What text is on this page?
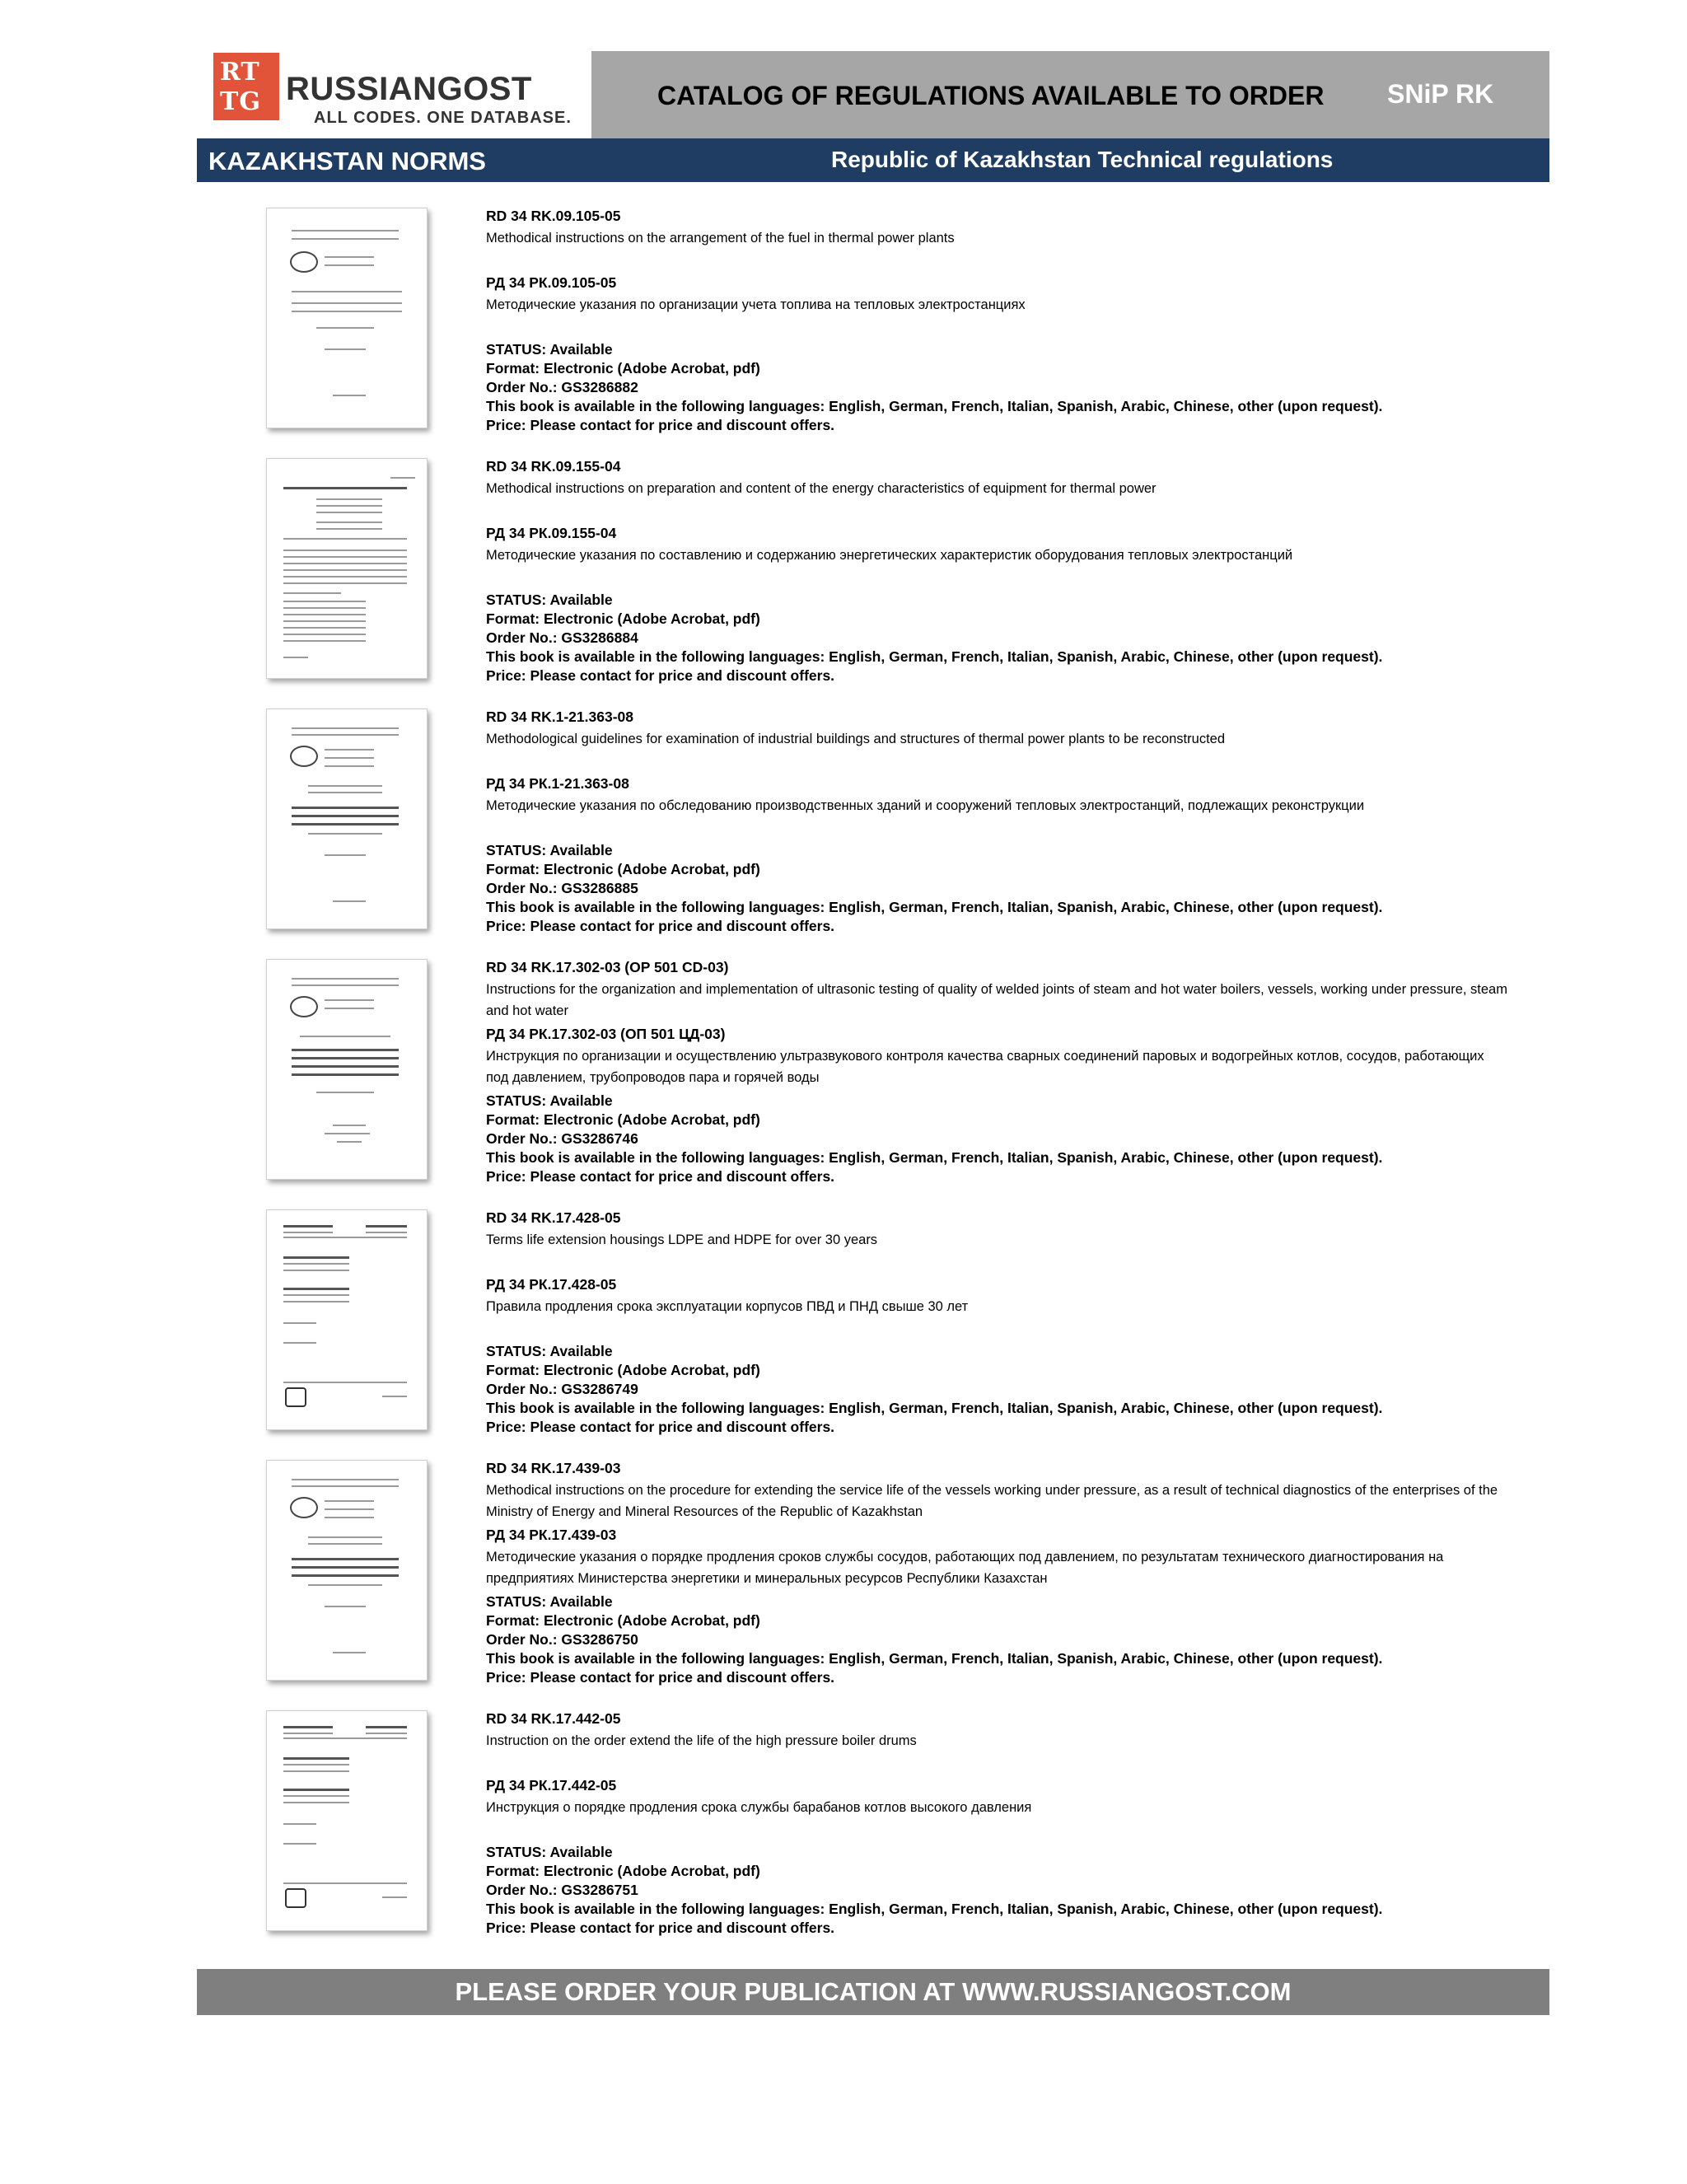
RT
TG RUSSIANGOST
ALL CODES. ONE DATABASE.
CATALOG OF REGULATIONS AVAILABLE TO ORDER SNiP RK
KAZAKHSTAN NORMS	Republic of Kazakhstan Technical regulations
RD 34 RK.09.105-05
Methodical instructions on the arrangement of the fuel in thermal power plants
РД 34 РК.09.105-05
Методические указания по организации учета топлива на тепловых электростанциях
STATUS: Available
Format: Electronic (Adobe Acrobat, pdf)
Order No.: GS3286882
This book is available in the following languages: English, German, French, Italian, Spanish, Arabic, Chinese, other (upon request).
Price: Please contact for price and discount offers.
RD 34 RK.09.155-04
Methodical instructions on preparation and content of the energy characteristics of equipment for thermal power
РД 34 РК.09.155-04
Методические указания по составлению и содержанию энергетических характеристик оборудования тепловых электростанций
STATUS: Available
Format: Electronic (Adobe Acrobat, pdf)
Order No.: GS3286884
This book is available in the following languages: English, German, French, Italian, Spanish, Arabic, Chinese, other (upon request).
Price: Please contact for price and discount offers.
RD 34 RK.1-21.363-08
Methodological guidelines for examination of industrial buildings and structures of thermal power plants to be reconstructed
РД 34 РК.1-21.363-08
Методические указания по обследованию производственных зданий и сооружений тепловых электростанций, подлежащих реконструкции
STATUS: Available
Format: Electronic (Adobe Acrobat, pdf)
Order No.: GS3286885
This book is available in the following languages: English, German, French, Italian, Spanish, Arabic, Chinese, other (upon request).
Price: Please contact for price and discount offers.
RD 34 RK.17.302-03 (OP 501 CD-03)
Instructions for the organization and implementation of ultrasonic testing of quality of welded joints of steam and hot water boilers, vessels, working under pressure, steam and hot water
РД 34 РК.17.302-03 (ОП 501 ЦД-03)
Инструкция по организации и осуществлению ультразвукового контроля качества сварных соединений паровых и водогрейных котлов, сосудов, работающих под давлением, трубопроводов пара и горячей воды
STATUS: Available
Format: Electronic (Adobe Acrobat, pdf)
Order No.: GS3286746
This book is available in the following languages: English, German, French, Italian, Spanish, Arabic, Chinese, other (upon request).
Price: Please contact for price and discount offers.
RD 34 RK.17.428-05
Terms life extension housings LDPE and HDPE for over 30 years
РД 34 РК.17.428-05
Правила продления срока эксплуатации корпусов ПВД и ПНД свыше 30 лет
STATUS: Available
Format: Electronic (Adobe Acrobat, pdf)
Order No.: GS3286749
This book is available in the following languages: English, German, French, Italian, Spanish, Arabic, Chinese, other (upon request).
Price: Please contact for price and discount offers.
RD 34 RK.17.439-03
Methodical instructions on the procedure for extending the service life of the vessels working under pressure, as a result of technical diagnostics of the enterprises of the Ministry of Energy and Mineral Resources of the Republic of Kazakhstan
РД 34 РК.17.439-03
Методические указания о порядке продления сроков службы сосудов, работающих под давлением, по результатам технического диагностирования на предприятиях Министерства энергетики и минеральных ресурсов Республики Казахстан
STATUS: Available
Format: Electronic (Adobe Acrobat, pdf)
Order No.: GS3286750
This book is available in the following languages: English, German, French, Italian, Spanish, Arabic, Chinese, other (upon request).
Price: Please contact for price and discount offers.
RD 34 RK.17.442-05
Instruction on the order extend the life of the high pressure boiler drums
РД 34 РК.17.442-05
Инструкция о порядке продления срока службы барабанов котлов высокого давления
STATUS: Available
Format: Electronic (Adobe Acrobat, pdf)
Order No.: GS3286751
This book is available in the following languages: English, German, French, Italian, Spanish, Arabic, Chinese, other (upon request).
Price: Please contact for price and discount offers.
PLEASE ORDER YOUR PUBLICATION AT WWW.RUSSIANGOST.COM
